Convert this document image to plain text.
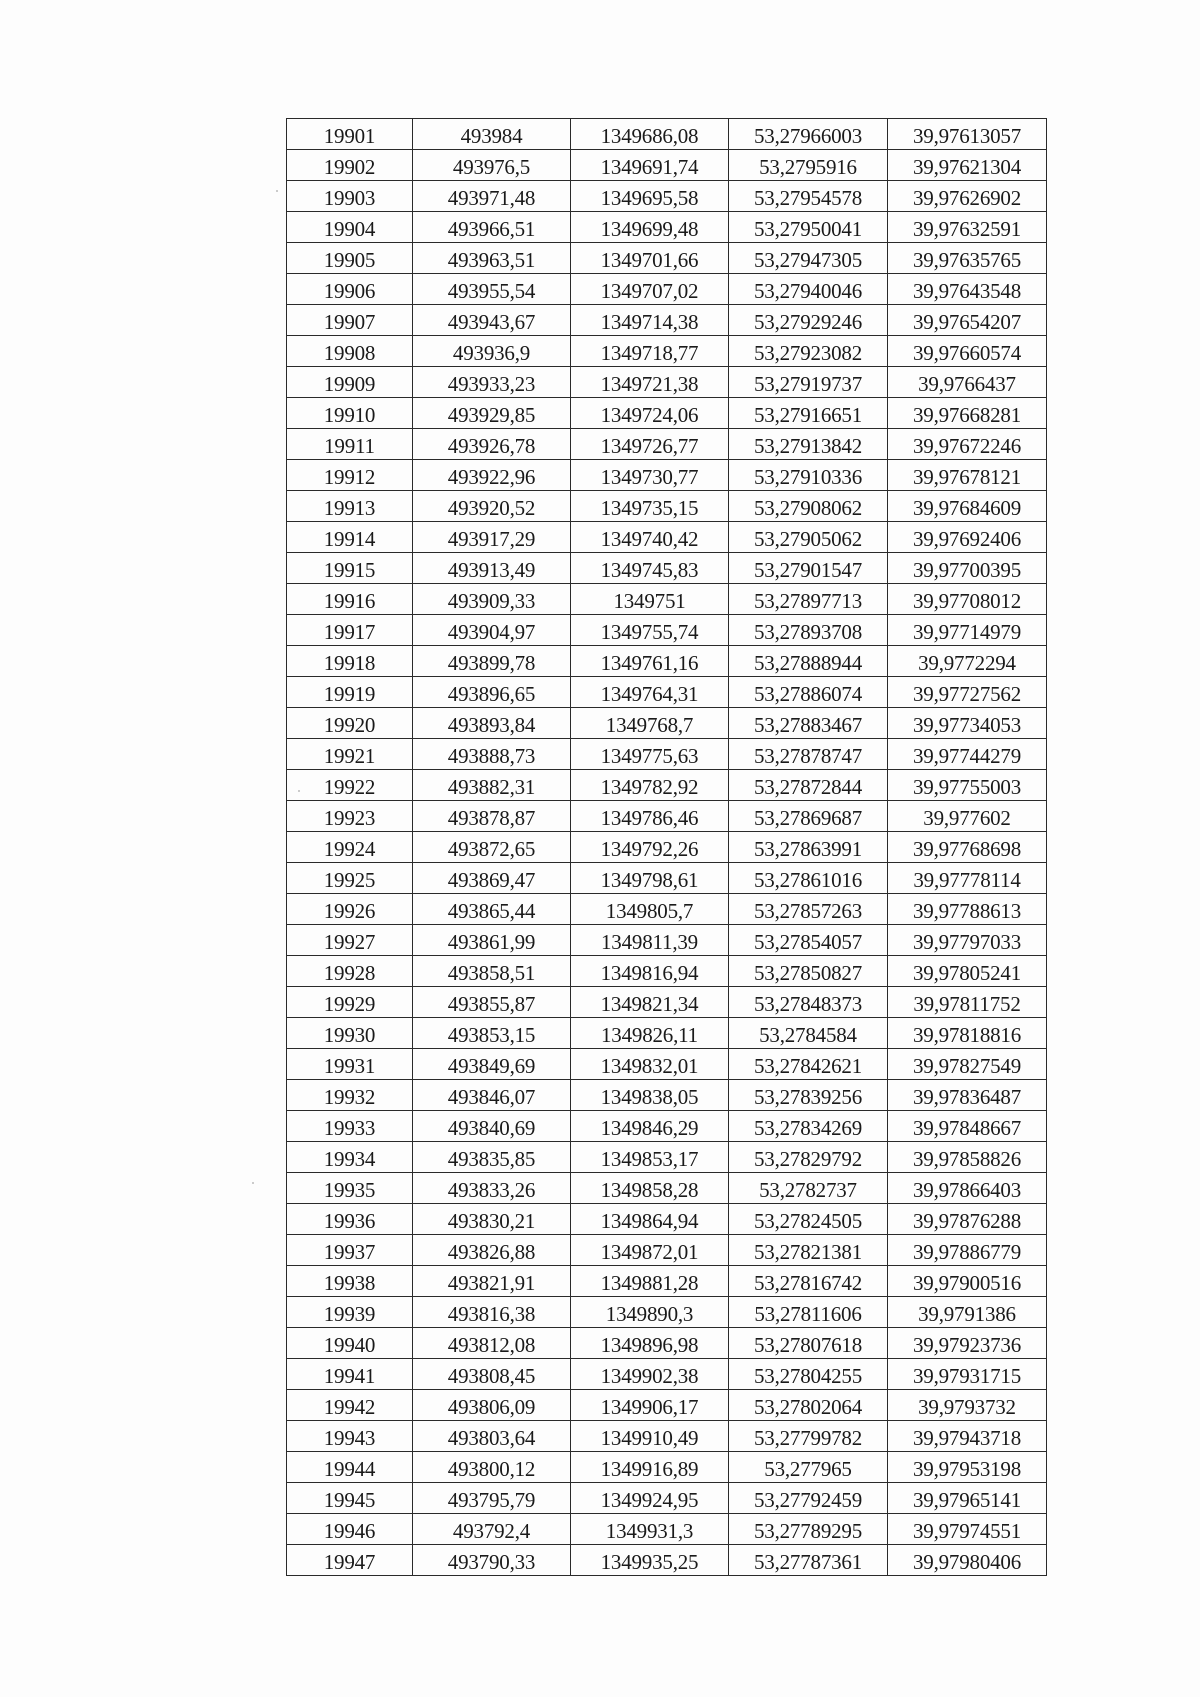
19901	493984	1349686,08	53,27966003	39,97613057
19902	493976,5	1349691,74	53,2795916	39,97621304
19903	493971,48	1349695,58	53,27954578	39,97626902
19904	493966,51	1349699,48	53,27950041	39,97632591
19905	493963,51	1349701,66	53,27947305	39,97635765
19906	493955,54	1349707,02	53,27940046	39,97643548
19907	493943,67	1349714,38	53,27929246	39,97654207
19908	493936,9	1349718,77	53,27923082	39,97660574
19909	493933,23	1349721,38	53,27919737	39,9766437
19910	493929,85	1349724,06	53,27916651	39,97668281
19911	493926,78	1349726,77	53,27913842	39,97672246
19912	493922,96	1349730,77	53,27910336	39,97678121
19913	493920,52	1349735,15	53,27908062	39,97684609
19914	493917,29	1349740,42	53,27905062	39,97692406
19915	493913,49	1349745,83	53,27901547	39,97700395
19916	493909,33	1349751	53,27897713	39,97708012
19917	493904,97	1349755,74	53,27893708	39,97714979
19918	493899,78	1349761,16	53,27888944	39,9772294
19919	493896,65	1349764,31	53,27886074	39,97727562
19920	493893,84	1349768,7	53,27883467	39,97734053
19921	493888,73	1349775,63	53,27878747	39,97744279
19922	493882,31	1349782,92	53,27872844	39,97755003
19923	493878,87	1349786,46	53,27869687	39,977602
19924	493872,65	1349792,26	53,27863991	39,97768698
19925	493869,47	1349798,61	53,27861016	39,97778114
19926	493865,44	1349805,7	53,27857263	39,97788613
19927	493861,99	1349811,39	53,27854057	39,97797033
19928	493858,51	1349816,94	53,27850827	39,97805241
19929	493855,87	1349821,34	53,27848373	39,97811752
19930	493853,15	1349826,11	53,2784584	39,97818816
19931	493849,69	1349832,01	53,27842621	39,97827549
19932	493846,07	1349838,05	53,27839256	39,97836487
19933	493840,69	1349846,29	53,27834269	39,97848667
19934	493835,85	1349853,17	53,27829792	39,97858826
19935	493833,26	1349858,28	53,2782737	39,97866403
19936	493830,21	1349864,94	53,27824505	39,97876288
19937	493826,88	1349872,01	53,27821381	39,97886779
19938	493821,91	1349881,28	53,27816742	39,97900516
19939	493816,38	1349890,3	53,27811606	39,9791386
19940	493812,08	1349896,98	53,27807618	39,97923736
19941	493808,45	1349902,38	53,27804255	39,97931715
19942	493806,09	1349906,17	53,27802064	39,9793732
19943	493803,64	1349910,49	53,27799782	39,97943718
19944	493800,12	1349916,89	53,277965	39,97953198
19945	493795,79	1349924,95	53,27792459	39,97965141
19946	493792,4	1349931,3	53,27789295	39,97974551
19947	493790,33	1349935,25	53,27787361	39,97980406
